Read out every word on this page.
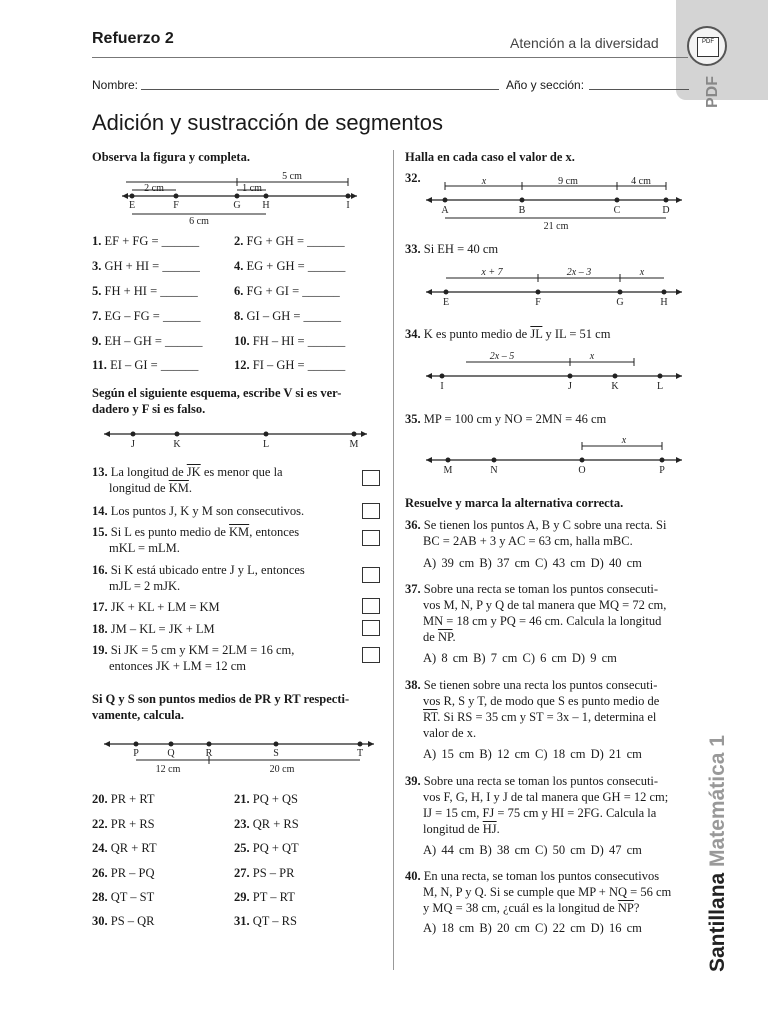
PDF
PDF
Refuerzo 2	Atención a la diversidad
Nombre:	Año y sección:
Adición y sustracción de segmentos
Santillana Matemática 1
Observa la figura y completa.
5 cm
2 cm	1 cm
E	F	G H	I
6 cm
1. EF + FG = ______	2. FG + GH = ______
3. GH + HI = ______	4. EG + GH = ______
5. FH + HI = ______	6. FG + GI = ______
7. EG – FG = ______	8. GI – GH = ______
9. EH – GH = ______	10. FH – HI = ______
11. EI – GI = ______	12. FI – GH = ______
Según el siguiente esquema, escribe V si es ver-
dadero y F si es falso.
J	K	L	M
13. La longitud de $\overline{JK}$ es menor que la
longitud de $\overline{KM}$.
14. Los puntos J, K y M son consecutivos.
15. Si L es punto medio de $\overline{KM}$, entonces
mKL = mLM.
16. Si K está ubicado entre J y L, entonces
mJL = 2 mJK.
17. JK + KL + LM = KM
18. JM – KL = JK + LM
19. Si JK = 5 cm y KM = 2LM = 16 cm,
entonces JK + LM = 12 cm
Si Q y S son puntos medios de PR y RT respecti-
vamente, calcula.
P	Q	R	S	T
12 cm	20 cm
20. PR + RT	21. PQ + QS
22. PR + RS	23. QR + RS
24. QR + RT	25. PQ + QT
26. PR – PQ	27. PS – PR
28. QT – ST	29. PT – RT
30. PS – QR	31. QT – RS
Halla en cada caso el valor de x.
32.	x	9 cm	4 cm
A	B	C	D
21 cm
33. Si EH = 40 cm
x + 7	2x – 3	x
E	F	G	H
34. K es punto medio de $\overline{JL}$ y IL = 51 cm
2x – 5	x
I	J	K	L
35. MP = 100 cm y NO = 2MN = 46 cm
x
M	N	O	P
Resuelve y marca la alternativa correcta.
36. Se tienen los puntos A, B y C sobre una recta. Si
BC = 2AB + 3 y AC = 63 cm, halla mBC.
A) 39 cm B) 37 cm C) 43 cm D) 40 cm
37. Sobre una recta se toman los puntos consecuti-
vos M, N, P y Q de tal manera que MQ = 72 cm,
MN = 18 cm y PQ = 46 cm. Calcula la longitud
de $\overline{NP}$.
A) 8 cm B) 7 cm C) 6 cm D) 9 cm
38. Se tienen sobre una recta los puntos consecuti-
vos R, S y T, de modo que S es punto medio de
$\overline{RT}$. Si RS = 35 cm y ST = 3x – 1, determina el
valor de x.
A) 15 cm B) 12 cm C) 18 cm D) 21 cm
39. Sobre una recta se toman los puntos consecuti-
vos F, G, H, I y J de tal manera que GH = 12 cm;
IJ = 15 cm, FJ = 75 cm y HI = 2FG. Calcula la
longitud de $\overline{HJ}$.
A) 44 cm B) 38 cm C) 50 cm D) 47 cm
40. En una recta, se toman los puntos consecutivos
M, N, P y Q. Si se cumple que MP + NQ = 56 cm
y MQ = 38 cm, ¿cuál es la longitud de $\overline{NP}$?
A) 18 cm B) 20 cm C) 22 cm D) 16 cm
